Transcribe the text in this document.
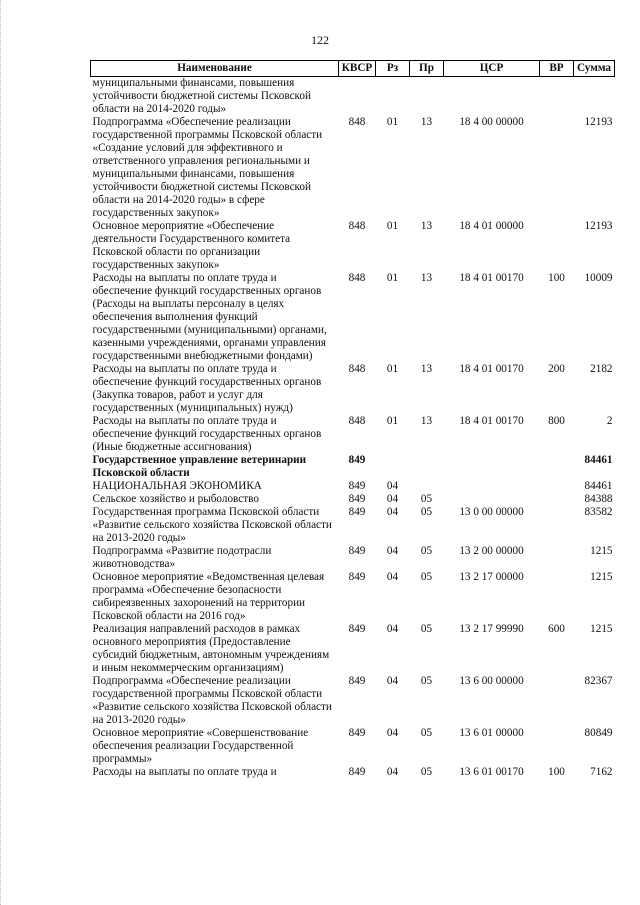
122
Наименование	КВСР	Рз	Пр	ЦСР	ВР	Сумма
муниципальными финансами, повышения устойчивости бюджетной системы Псковской области на 2014-2020 годы»						
Подпрограмма «Обеспечение реализации государственной программы Псковской области «Создание условий для эффективного и ответственного управления региональными и муниципальными финансами, повышения устойчивости бюджетной системы Псковской области на 2014-2020 годы» в сфере государственных закупок»	848	01	13	18 4 00 00000		12193
Основное мероприятие «Обеспечение деятельности Государственного комитета Псковской области по организации государственных закупок»	848	01	13	18 4 01 00000		12193
Расходы на выплаты по оплате труда и обеспечение функций государственных органов (Расходы на выплаты персоналу в целях обеспечения выполнения функций государственными (муниципальными) органами, казенными учреждениями, органами управления государственными внебюджетными фондами)	848	01	13	18 4 01 00170	100	10009
Расходы на выплаты по оплате труда и обеспечение функций государственных органов (Закупка товаров, работ и услуг для государственных (муниципальных) нужд)	848	01	13	18 4 01 00170	200	2182
Расходы на выплаты по оплате труда и обеспечение функций государственных органов (Иные бюджетные ассигнования)	848	01	13	18 4 01 00170	800	2
Государственное управление ветеринарии Псковской области	849					84461
НАЦИОНАЛЬНАЯ ЭКОНОМИКА	849	04				84461
Сельское хозяйство и рыболовство	849	04	05			84388
Государственная программа Псковской области «Развитие сельского хозяйства Псковской области на 2013-2020 годы»	849	04	05	13 0 00 00000		83582
Подпрограмма «Развитие подотрасли животноводства»	849	04	05	13 2 00 00000		1215
Основное мероприятие «Ведомственная целевая программа «Обеспечение безопасности сибиреязвенных захоронений на территории Псковской области на 2016 год»	849	04	05	13 2 17 00000		1215
Реализация направлений расходов в рамках основного мероприятия (Предоставление субсидий бюджетным, автономным учреждениям и иным некоммерческим организациям)	849	04	05	13 2 17 99990	600	1215
Подпрограмма «Обеспечение реализации государственной программы Псковской области «Развитие сельского хозяйства Псковской области на 2013-2020 годы»	849	04	05	13 6 00 00000		82367
Основное мероприятие «Совершенствование обеспечения реализации Государственной программы»	849	04	05	13 6 01 00000		80849
Расходы на выплаты по оплате труда и	849	04	05	13 6 01 00170	100	7162
